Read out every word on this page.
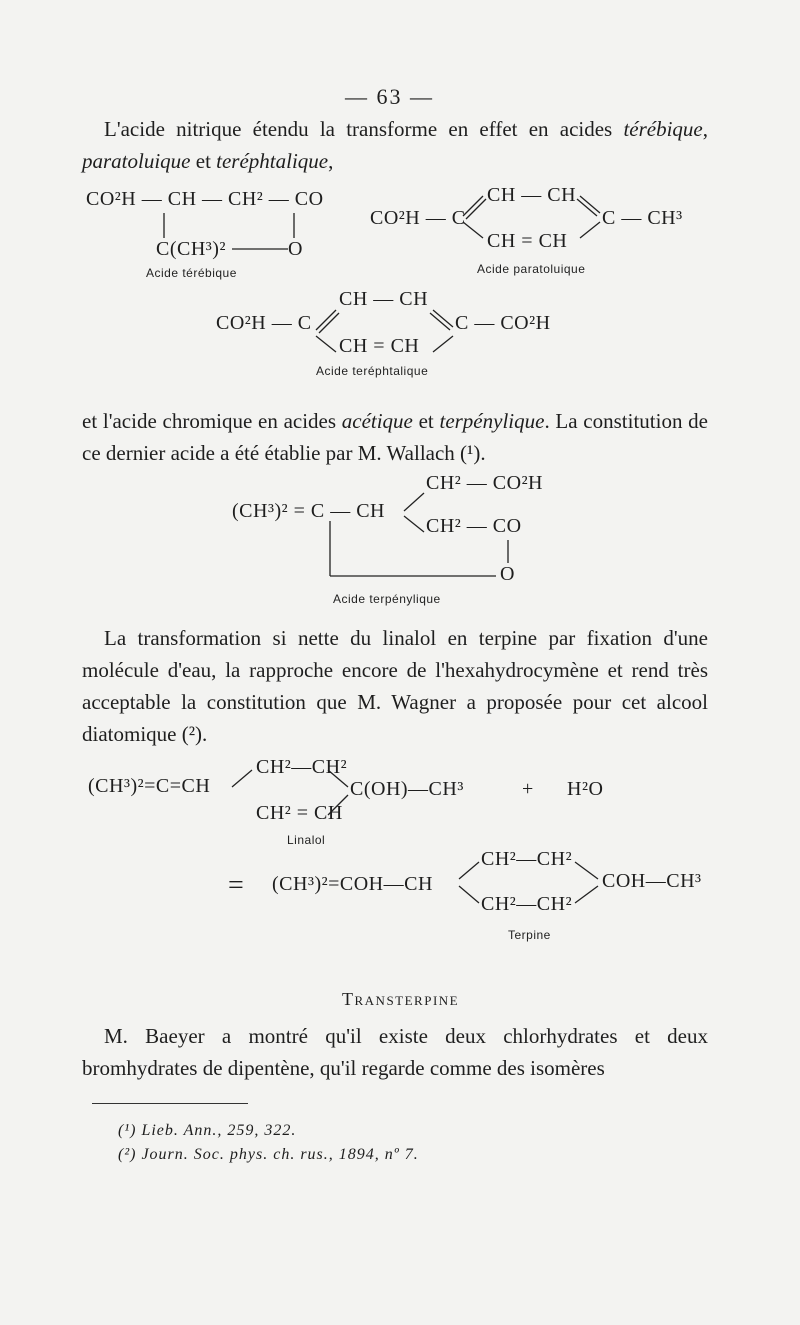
— 63 —
L'acide nitrique étendu la transforme en effet en acides térébique, paratoluique et teréphtalique,
CO²H — CH — CH² — CO
C(CH³)²	O
Acide térébique
CO²H — C
CH — CH
CH = CH
C — CH³
Acide paratoluique
CO²H — C
CH — CH
CH = CH
C — CO²H
Acide teréphtalique
et l'acide chromique en acides acétique et terpénylique. La constitution de ce dernier acide a été établie par M. Wallach (¹).
(CH³)² = C — CH
CH² — CO²H
CH² — CO
O
Acide terpénylique
La transformation si nette du linalol en terpine par fixation d'une molécule d'eau, la rapproche encore de l'hexahydrocymène et rend très acceptable la constitution que M. Wagner a proposée pour cet alcool diatomique (²).
(CH³)²=C=CH
CH²—CH²
CH² = CH
C(OH)—CH³	+ H²O
Linalol
= (CH³)²=COH—CH
CH²—CH²
CH²—CH²
COH—CH³
Terpine
Transterpine
M. Baeyer a montré qu'il existe deux chlorhydrates et deux bromhydrates de dipentène, qu'il regarde comme des isomères
(¹) Lieb. Ann., 259, 322.
(²) Journ. Soc. phys. ch. rus., 1894, nº 7.
